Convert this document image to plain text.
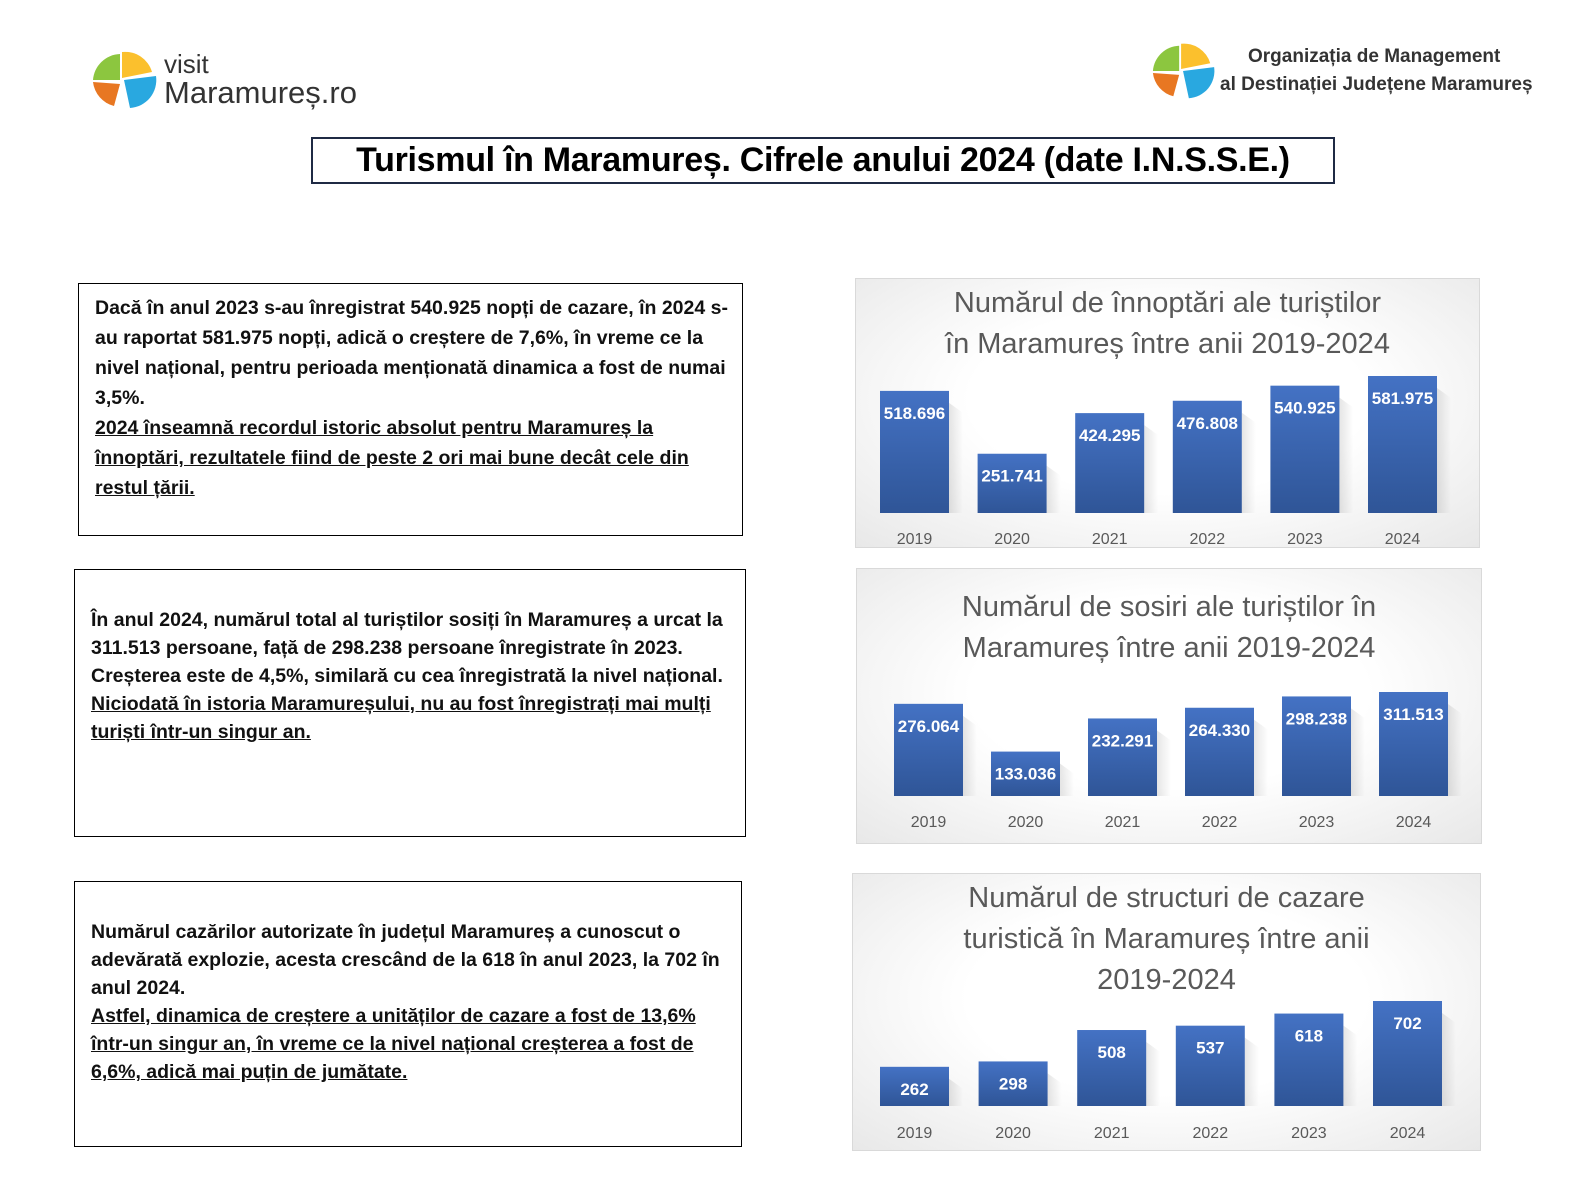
visit
Maramureș.ro
Organizația de Management
al Destinației Județene Maramureș
Turismul în Maramureș. Cifrele anului 2024 (date I.N.S.S.E.)

Dacă în anul 2023 s-au înregistrat 540.925 nopți de cazare, în 2024 s-au raportat 581.975 nopți, adică o creștere de 7,6%, în vreme ce la nivel național, pentru perioada menționată dinamica a fost de numai 3,5%.

2024 înseamnă recordul istoric absolut pentru Maramureș la înnoptări, rezultatele fiind de peste 2 ori mai bune decât cele din restul țării.

În anul 2024, numărul total al turiștilor sosiți în Maramureș a urcat la 311.513 persoane, față de 298.238 persoane înregistrate în 2023. Creșterea este de 4,5%, similară cu cea înregistrată la nivel național.

Niciodată în istoria Maramureșului, nu au fost înregistrați mai mulți turiști într-un singur an.

Numărul cazărilor autorizate în județul Maramureș a cunoscut o adevărată explozie, acesta crescând de la 618 în anul 2023, la 702 în anul 2024.

Astfel, dinamica de creștere a unităților de cazare a fost de 13,6% într-un singur an, în vreme ce la nivel național creșterea a fost de 6,6%, adică mai puțin de jumătate.

Numărul de înnoptări ale turiștilor
în Maramureș între anii 2019-2024
518.696
2019
251.741
2020
424.295
2021
476.808
2022
540.925
2023
581.975
2024
Numărul de sosiri ale turiștilor în
Maramureș între anii 2019-2024
276.064
2019
133.036
2020
232.291
2021
264.330
2022
298.238
2023
311.513
2024
Numărul de structuri de cazare
turistică în Maramureș între anii
2019-2024
262
2019
298
2020
508
2021
537
2022
618
2023
702
2024
